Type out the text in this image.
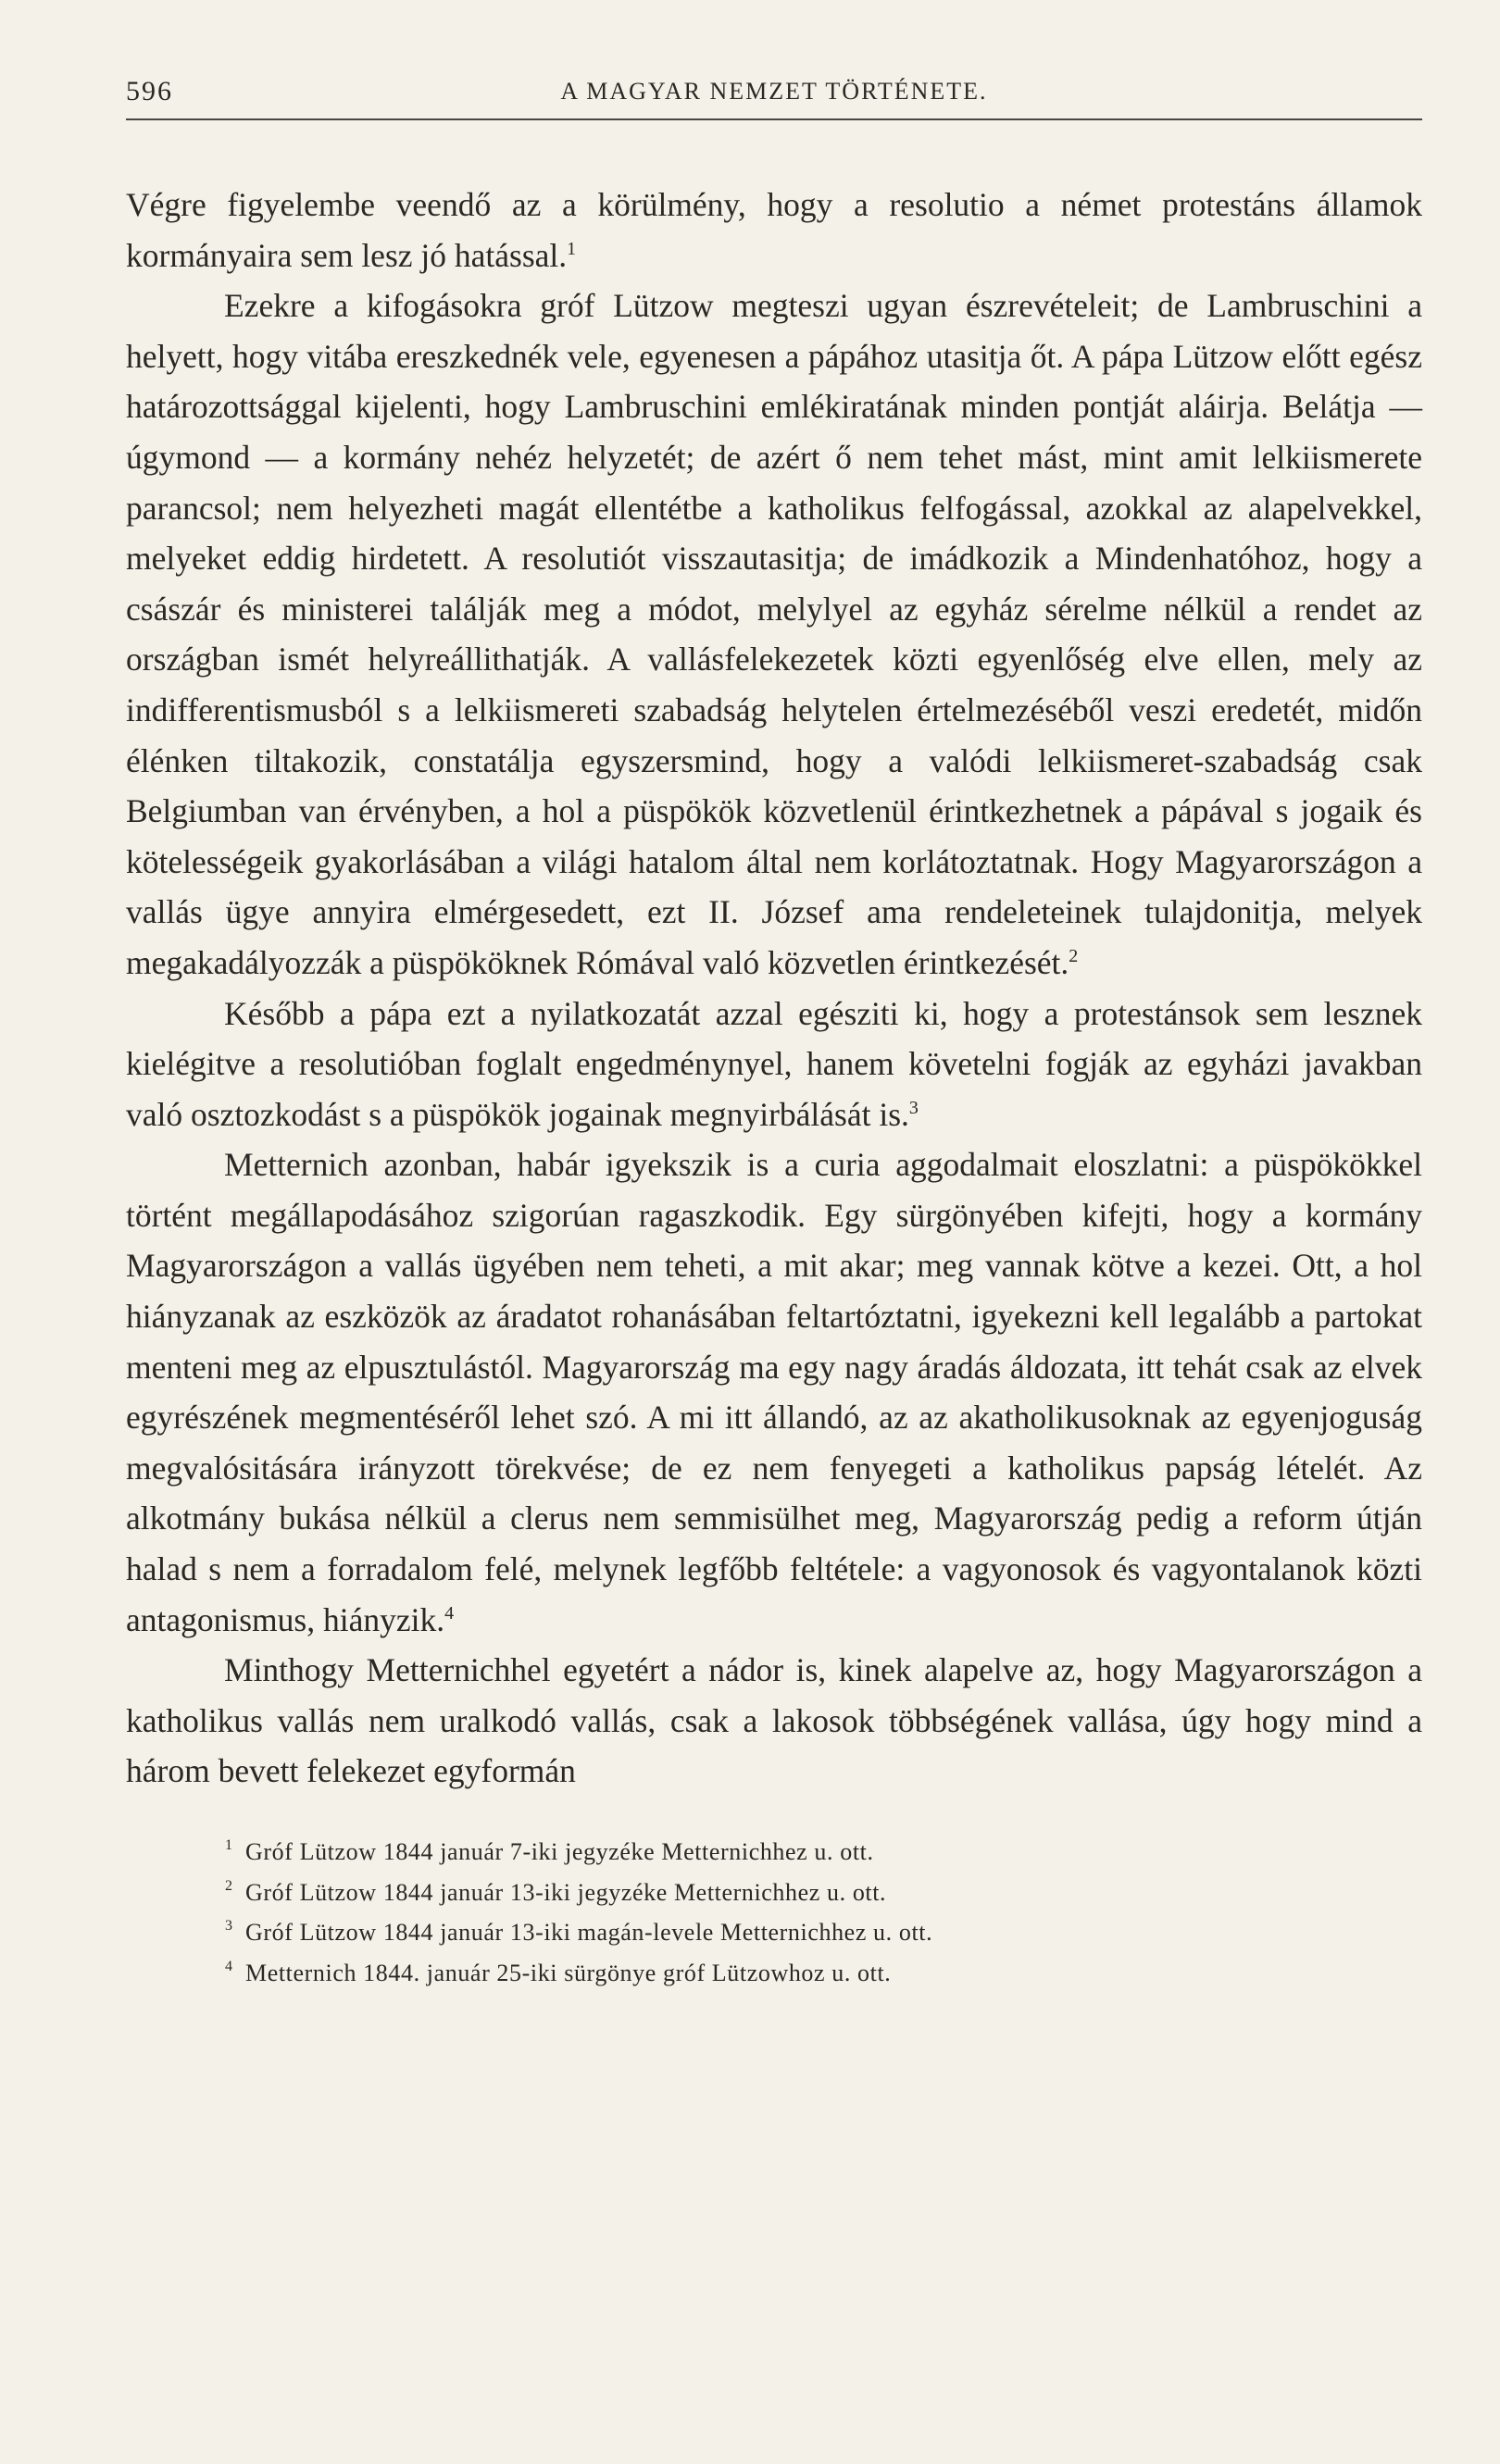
596	A MAGYAR NEMZET TÖRTÉNETE.

Végre figyelembe veendő az a körülmény, hogy a resolutio a német protestáns államok kormányaira sem lesz jó hatással.$^1$

Ezekre a kifogásokra gróf Lützow megteszi ugyan észrevételeit; de Lambruschini a helyett, hogy vitába ereszkednék vele, egyenesen a pápához utasitja őt. A pápa Lützow előtt egész határozottsággal kijelenti, hogy Lambruschini emlékiratának minden pontját aláirja. Belátja — úgymond — a kormány nehéz helyzetét; de azért ő nem tehet mást, mint amit lelkiismerete parancsol; nem helyezheti magát ellentétbe a katholikus felfogással, azokkal az alapelvekkel, melyeket eddig hirdetett. A resolutiót visszautasitja; de imádkozik a Mindenhatóhoz, hogy a császár és ministerei találják meg a módot, melylyel az egyház sérelme nélkül a rendet az országban ismét helyreállithatják. A vallásfelekezetek közti egyenlőség elve ellen, mely az indifferentismusból s a lelkiismereti szabadság helytelen értelmezéséből veszi eredetét, midőn élénken tiltakozik, constatálja egyszersmind, hogy a valódi lelkiismeret-szabadság csak Belgiumban van érvényben, a hol a püspökök közvetlenül érintkezhetnek a pápával s jogaik és kötelességeik gyakorlásában a világi hatalom által nem korlátoztatnak. Hogy Magyarországon a vallás ügye annyira elmérgesedett, ezt II. József ama rendeleteinek tulajdonitja, melyek megakadályozzák a püspököknek Rómával való közvetlen érintkezését.$^2$

Később a pápa ezt a nyilatkozatát azzal egésziti ki, hogy a protestánsok sem lesznek kielégitve a resolutióban foglalt engedménynyel, hanem követelni fogják az egyházi javakban való osztozkodást s a püspökök jogainak megnyirbálását is.$^3$

Metternich azonban, habár igyekszik is a curia aggodalmait eloszlatni: a püspökökkel történt megállapodásához szigorúan ragaszkodik. Egy sürgönyében kifejti, hogy a kormány Magyarországon a vallás ügyében nem teheti, a mit akar; meg vannak kötve a kezei. Ott, a hol hiányzanak az eszközök az áradatot rohanásában feltartóztatni, igyekezni kell legalább a partokat menteni meg az elpusztulástól. Magyarország ma egy nagy áradás áldozata, itt tehát csak az elvek egyrészének megmentéséről lehet szó. A mi itt állandó, az az akatholikusoknak az egyenjoguság megvalósitására irányzott törekvése; de ez nem fenyegeti a katholikus papság lételét. Az alkotmány bukása nélkül a clerus nem semmisülhet meg, Magyarország pedig a reform útján halad s nem a forradalom felé, melynek legfőbb feltétele: a vagyonosok és vagyontalanok közti antagonismus, hiányzik.$^4$

Minthogy Metternichhel egyetért a nádor is, kinek alapelve az, hogy Magyarországon a katholikus vallás nem uralkodó vallás, csak a lakosok többségének vallása, úgy hogy mind a három bevett felekezet egyformán

1 Gróf Lützow 1844 január 7-iki jegyzéke Metternichhez u. ott.
2 Gróf Lützow 1844 január 13-iki jegyzéke Metternichhez u. ott.
3 Gróf Lützow 1844 január 13-iki magán-levele Metternichhez u. ott.
4 Metternich 1844. január 25-iki sürgönye gróf Lützowhoz u. ott.
